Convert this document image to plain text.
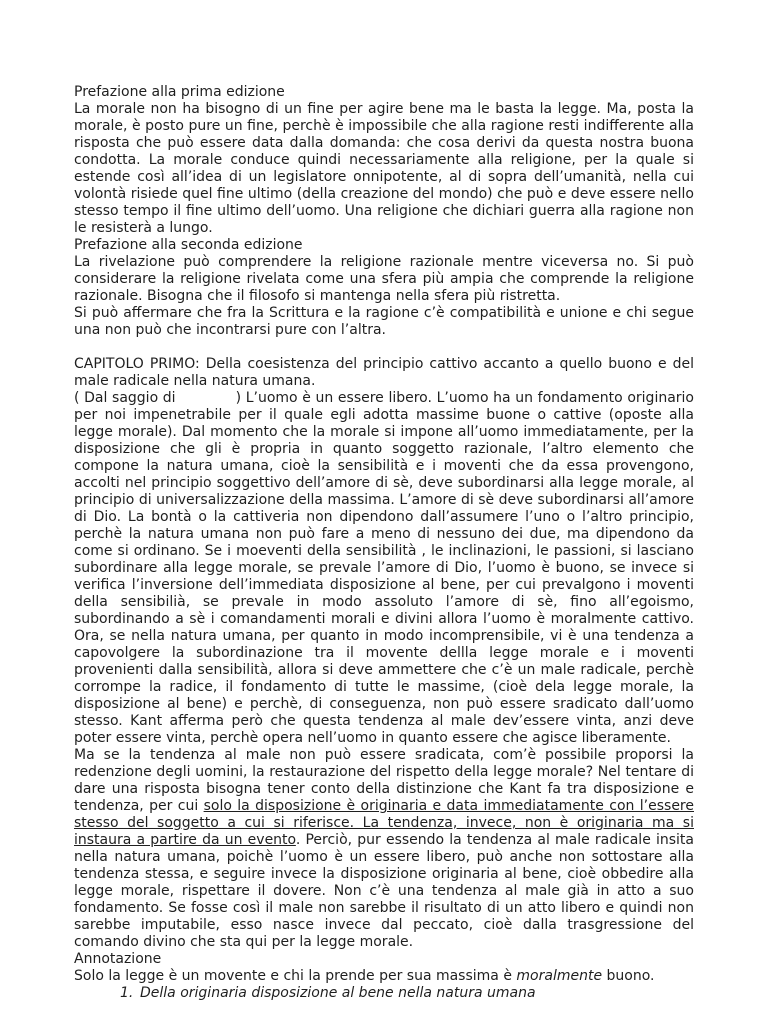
Prefazione alla prima edizione

La morale non ha bisogno di un fine per agire bene ma le basta la legge. Ma, posta la morale, è posto pure un fine, perchè è impossibile che alla ragione resti indifferente alla risposta che può essere data dalla domanda: che cosa derivi da questa nostra buona condotta. La morale conduce quindi necessariamente alla religione, per la quale si estende così all’idea di un legislatore onnipotente, al di sopra dell’umanità, nella cui volontà risiede quel fine ultimo (della creazione del mondo) che può e deve essere nello stesso tempo il fine ultimo dell’uomo. Una religione che dichiari guerra alla ragione non le resisterà a lungo.

Prefazione alla seconda edizione

La rivelazione può comprendere la religione razionale mentre viceversa no. Si può considerare la religione rivelata come una sfera più ampia che comprende la religione razionale. Bisogna che il filosofo si mantenga nella sfera più ristretta.

Si può affermare che fra la Scrittura e la ragione c’è compatibilità e unione e chi segue una non può che incontrarsi pure con l’altra.

CAPITOLO PRIMO: Della coesistenza del principio cattivo accanto a quello buono e del male radicale nella natura umana.

( Dal saggio di	) L’uomo è un essere libero. L’uomo ha un fondamento originario per noi impenetrabile per il quale egli adotta massime buone o cattive (oposte alla legge morale). Dal momento che la morale si impone all’uomo immediatamente, per la disposizione che gli è propria in quanto soggetto razionale, l’altro elemento che compone la natura umana, cioè la sensibilità e i moventi che da essa provengono, accolti nel principio soggettivo dell’amore di sè, deve subordinarsi alla legge morale, al principio di universalizzazione della massima. L’amore di sè deve subordinarsi all’amore di Dio. La bontà o la cattiveria non dipendono dall’assumere l’uno o l’altro principio, perchè la natura umana non può fare a meno di nessuno dei due, ma dipendono da come si ordinano. Se i moeventi della sensibilità , le inclinazioni, le passioni, si lasciano subordinare alla legge morale, se prevale l’amore di Dio, l’uomo è buono, se invece si verifica l’inversione dell’immediata disposizione al bene, per cui prevalgono i moventi della sensibilià, se prevale in modo assoluto l’amore di sè, fino all’egoismo, subordinando a sè i comandamenti morali e divini allora l’uomo è moralmente cattivo. Ora, se nella natura umana, per quanto in modo incomprensibile, vi è una tendenza a capovolgere la subordinazione tra il movente dellla legge morale e i moventi provenienti dalla sensibilità, allora si deve ammettere che c’è un male radicale, perchè corrompe la radice, il fondamento di tutte le massime, (cioè dela legge morale, la disposizione al bene) e perchè, di conseguenza, non può essere sradicato dall’uomo stesso. Kant afferma però che questa tendenza al male dev’essere vinta, anzi deve poter essere vinta, perchè opera nell’uomo in quanto essere che agisce liberamente.

Ma se la tendenza al male non può essere sradicata, com’è possibile proporsi la redenzione degli uomini, la restaurazione del rispetto della legge morale? Nel tentare di dare una risposta bisogna tener conto della distinzione che Kant fa tra disposizione e tendenza, per cui solo la disposizione è originaria e data immediatamente con l’essere stesso del soggetto a cui si riferisce. La tendenza, invece, non è originaria ma si instaura a partire da un evento. Perciò, pur essendo la tendenza al male radicale insita nella natura umana, poichè l’uomo è un essere libero, può anche non sottostare alla tendenza stessa, e seguire invece la disposizione originaria al bene, cioè obbedire alla legge morale, rispettare il dovere. Non c’è una tendenza al male già in atto a suo fondamento. Se fosse così il male non sarebbe il risultato di un atto libero e quindi non sarebbe imputabile, esso nasce invece dal peccato, cioè dalla trasgressione del comando divino che sta qui per la legge morale.

Annotazione

Solo la legge è un movente e chi la prende per sua massima è moralmente buono.

1. Della originaria disposizione al bene nella natura umana
